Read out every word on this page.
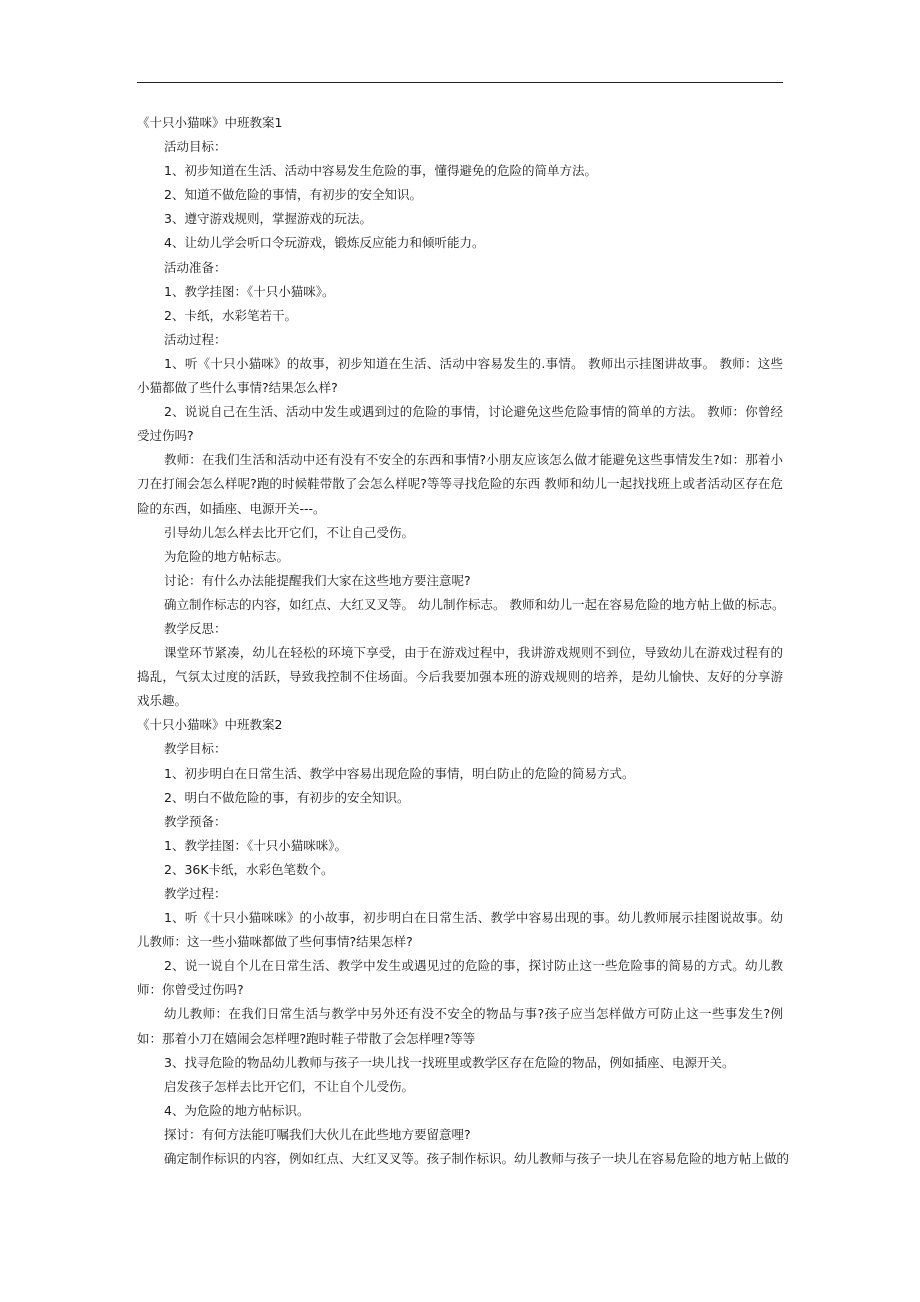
《十只小猫咪》中班教案1

活动目标：

1、初步知道在生活、活动中容易发生危险的事，懂得避免的危险的简单方法。

2、知道不做危险的事情，有初步的安全知识。

3、遵守游戏规则，掌握游戏的玩法。

4、让幼儿学会听口令玩游戏，锻炼反应能力和倾听能力。

活动准备：

1、教学挂图：《十只小猫咪》。

2、卡纸，水彩笔若干。

活动过程：

1、听《十只小猫咪》的故事，初步知道在生活、活动中容易发生的.事情。 教师出示挂图讲故事。 教师：这些小猫都做了些什么事情?结果怎么样?

2、说说自己在生活、活动中发生或遇到过的危险的事情，讨论避免这些危险事情的简单的方法。 教师：你曾经受过伤吗?

教师：在我们生活和活动中还有没有不安全的东西和事情?小朋友应该怎么做才能避免这些事情发生?如：那着小刀在打闹会怎么样呢?跑的时候鞋带散了会怎么样呢?等等寻找危险的东西 教师和幼儿一起找找班上或者活动区存在危险的东西，如插座、电源开关---。

引导幼儿怎么样去比开它们，不让自己受伤。

为危险的地方帖标志。

讨论：有什么办法能提醒我们大家在这些地方要注意呢?

确立制作标志的内容，如红点、大红叉叉等。 幼儿制作标志。 教师和幼儿一起在容易危险的地方帖上做的标志。

教学反思：

课堂环节紧凑，幼儿在轻松的环境下享受，由于在游戏过程中，我讲游戏规则不到位，导致幼儿在游戏过程有的捣乱，气氛太过度的活跃，导致我控制不住场面。今后我要加强本班的游戏规则的培养，是幼儿愉快、友好的分享游戏乐趣。

《十只小猫咪》中班教案2

教学目标：

1、初步明白在日常生活、教学中容易出现危险的事情，明白防止的危险的简易方式。

2、明白不做危险的事，有初步的安全知识。

教学预备：

1、教学挂图：《十只小猫咪咪》。

2、36K卡纸，水彩色笔数个。

教学过程：

1、听《十只小猫咪咪》的小故事，初步明白在日常生活、教学中容易出现的事。幼儿教师展示挂图说故事。幼儿教师：这一些小猫咪都做了些何事情?结果怎样?

2、说一说自个儿在日常生活、教学中发生或遇见过的危险的事，探讨防止这一些危险事的简易的方式。幼儿教师：你曾受过伤吗?

幼儿教师：在我们日常生活与教学中另外还有没不安全的物品与事?孩子应当怎样做方可防止这一些事发生?例如：那着小刀在嬉闹会怎样哩?跑时鞋子带散了会怎样哩?等等

3、找寻危险的物品幼儿教师与孩子一块儿找一找班里或教学区存在危险的物品，例如插座、电源开关。

启发孩子怎样去比开它们，不让自个儿受伤。

4、为危险的地方帖标识。

探讨：有何方法能叮嘱我们大伙儿在此些地方要留意哩?

确定制作标识的内容，例如红点、大红叉叉等。孩子制作标识。幼儿教师与孩子一块儿在容易危险的地方帖上做的
